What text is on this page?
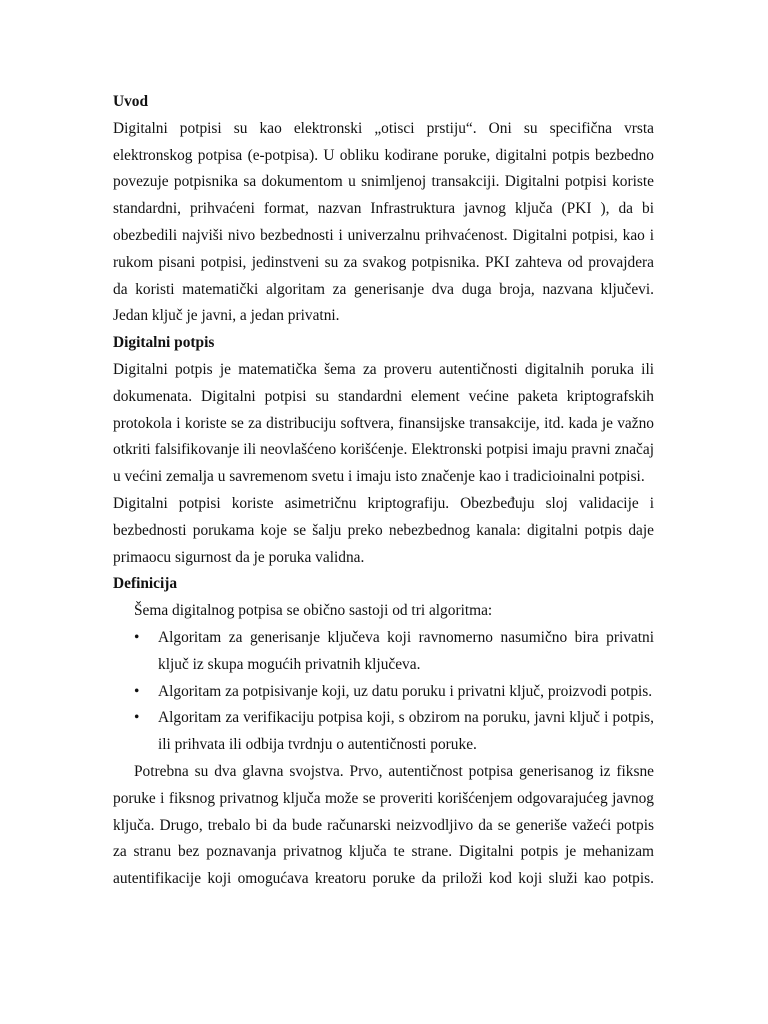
Uvod

Digitalni potpisi su kao elektronski „otisci prstiju“. Oni su specifična vrsta elektronskog potpisa (e-potpisa). U obliku kodirane poruke, digitalni potpis bezbedno povezuje potpisnika sa dokumentom u snimljenoj transakciji. Digitalni potpisi koriste standardni, prihvaćeni format, nazvan Infrastruktura javnog ključa (PKI ), da bi obezbedili najviši nivo bezbednosti i univerzalnu prihvaćenost. Digitalni potpisi, kao i rukom pisani potpisi, jedinstveni su za svakog potpisnika. PKI zahteva od provajdera da koristi matematički algoritam za generisanje dva duga broja, nazvana ključevi. Jedan ključ je javni, a jedan privatni.

Digitalni potpis

Digitalni potpis je matematička šema za proveru autentičnosti digitalnih poruka ili dokumenata. Digitalni potpisi su standardni element većine paketa kriptografskih protokola i koriste se za distribuciju softvera, finansijske transakcije, itd. kada je važno otkriti falsifikovanje ili neovlašćeno korišćenje. Elektronski potpisi imaju pravni značaj u većini zemalja u savremenom svetu i imaju isto značenje kao i tradicioinalni potpisi.

Digitalni potpisi koriste asimetričnu kriptografiju. Obezbeđuju sloj validacije i bezbednosti porukama koje se šalju preko nebezbednog kanala: digitalni potpis daje primaocu sigurnost da je poruka validna.

Definicija

Šema digitalnog potpisa se obično sastoji od tri algoritma:

• Algoritam za generisanje ključeva koji ravnomerno nasumično bira privatni ključ iz skupa mogućih privatnih ključeva.
• Algoritam za potpisivanje koji, uz datu poruku i privatni ključ, proizvodi potpis.
• Algoritam za verifikaciju potpisa koji, s obzirom na poruku, javni ključ i potpis, ili prihvata ili odbija tvrdnju o autentičnosti poruke.

Potrebna su dva glavna svojstva. Prvo, autentičnost potpisa generisanog iz fiksne poruke i fiksnog privatnog ključa može se proveriti korišćenjem odgovarajućeg javnog ključa. Drugo, trebalo bi da bude računarski neizvodljivo da se generiše važeći potpis za stranu bez poznavanja privatnog ključa te strane. Digitalni potpis je mehanizam autentifikacije koji omogućava kreatoru poruke da priloži kod koji služi kao potpis.
